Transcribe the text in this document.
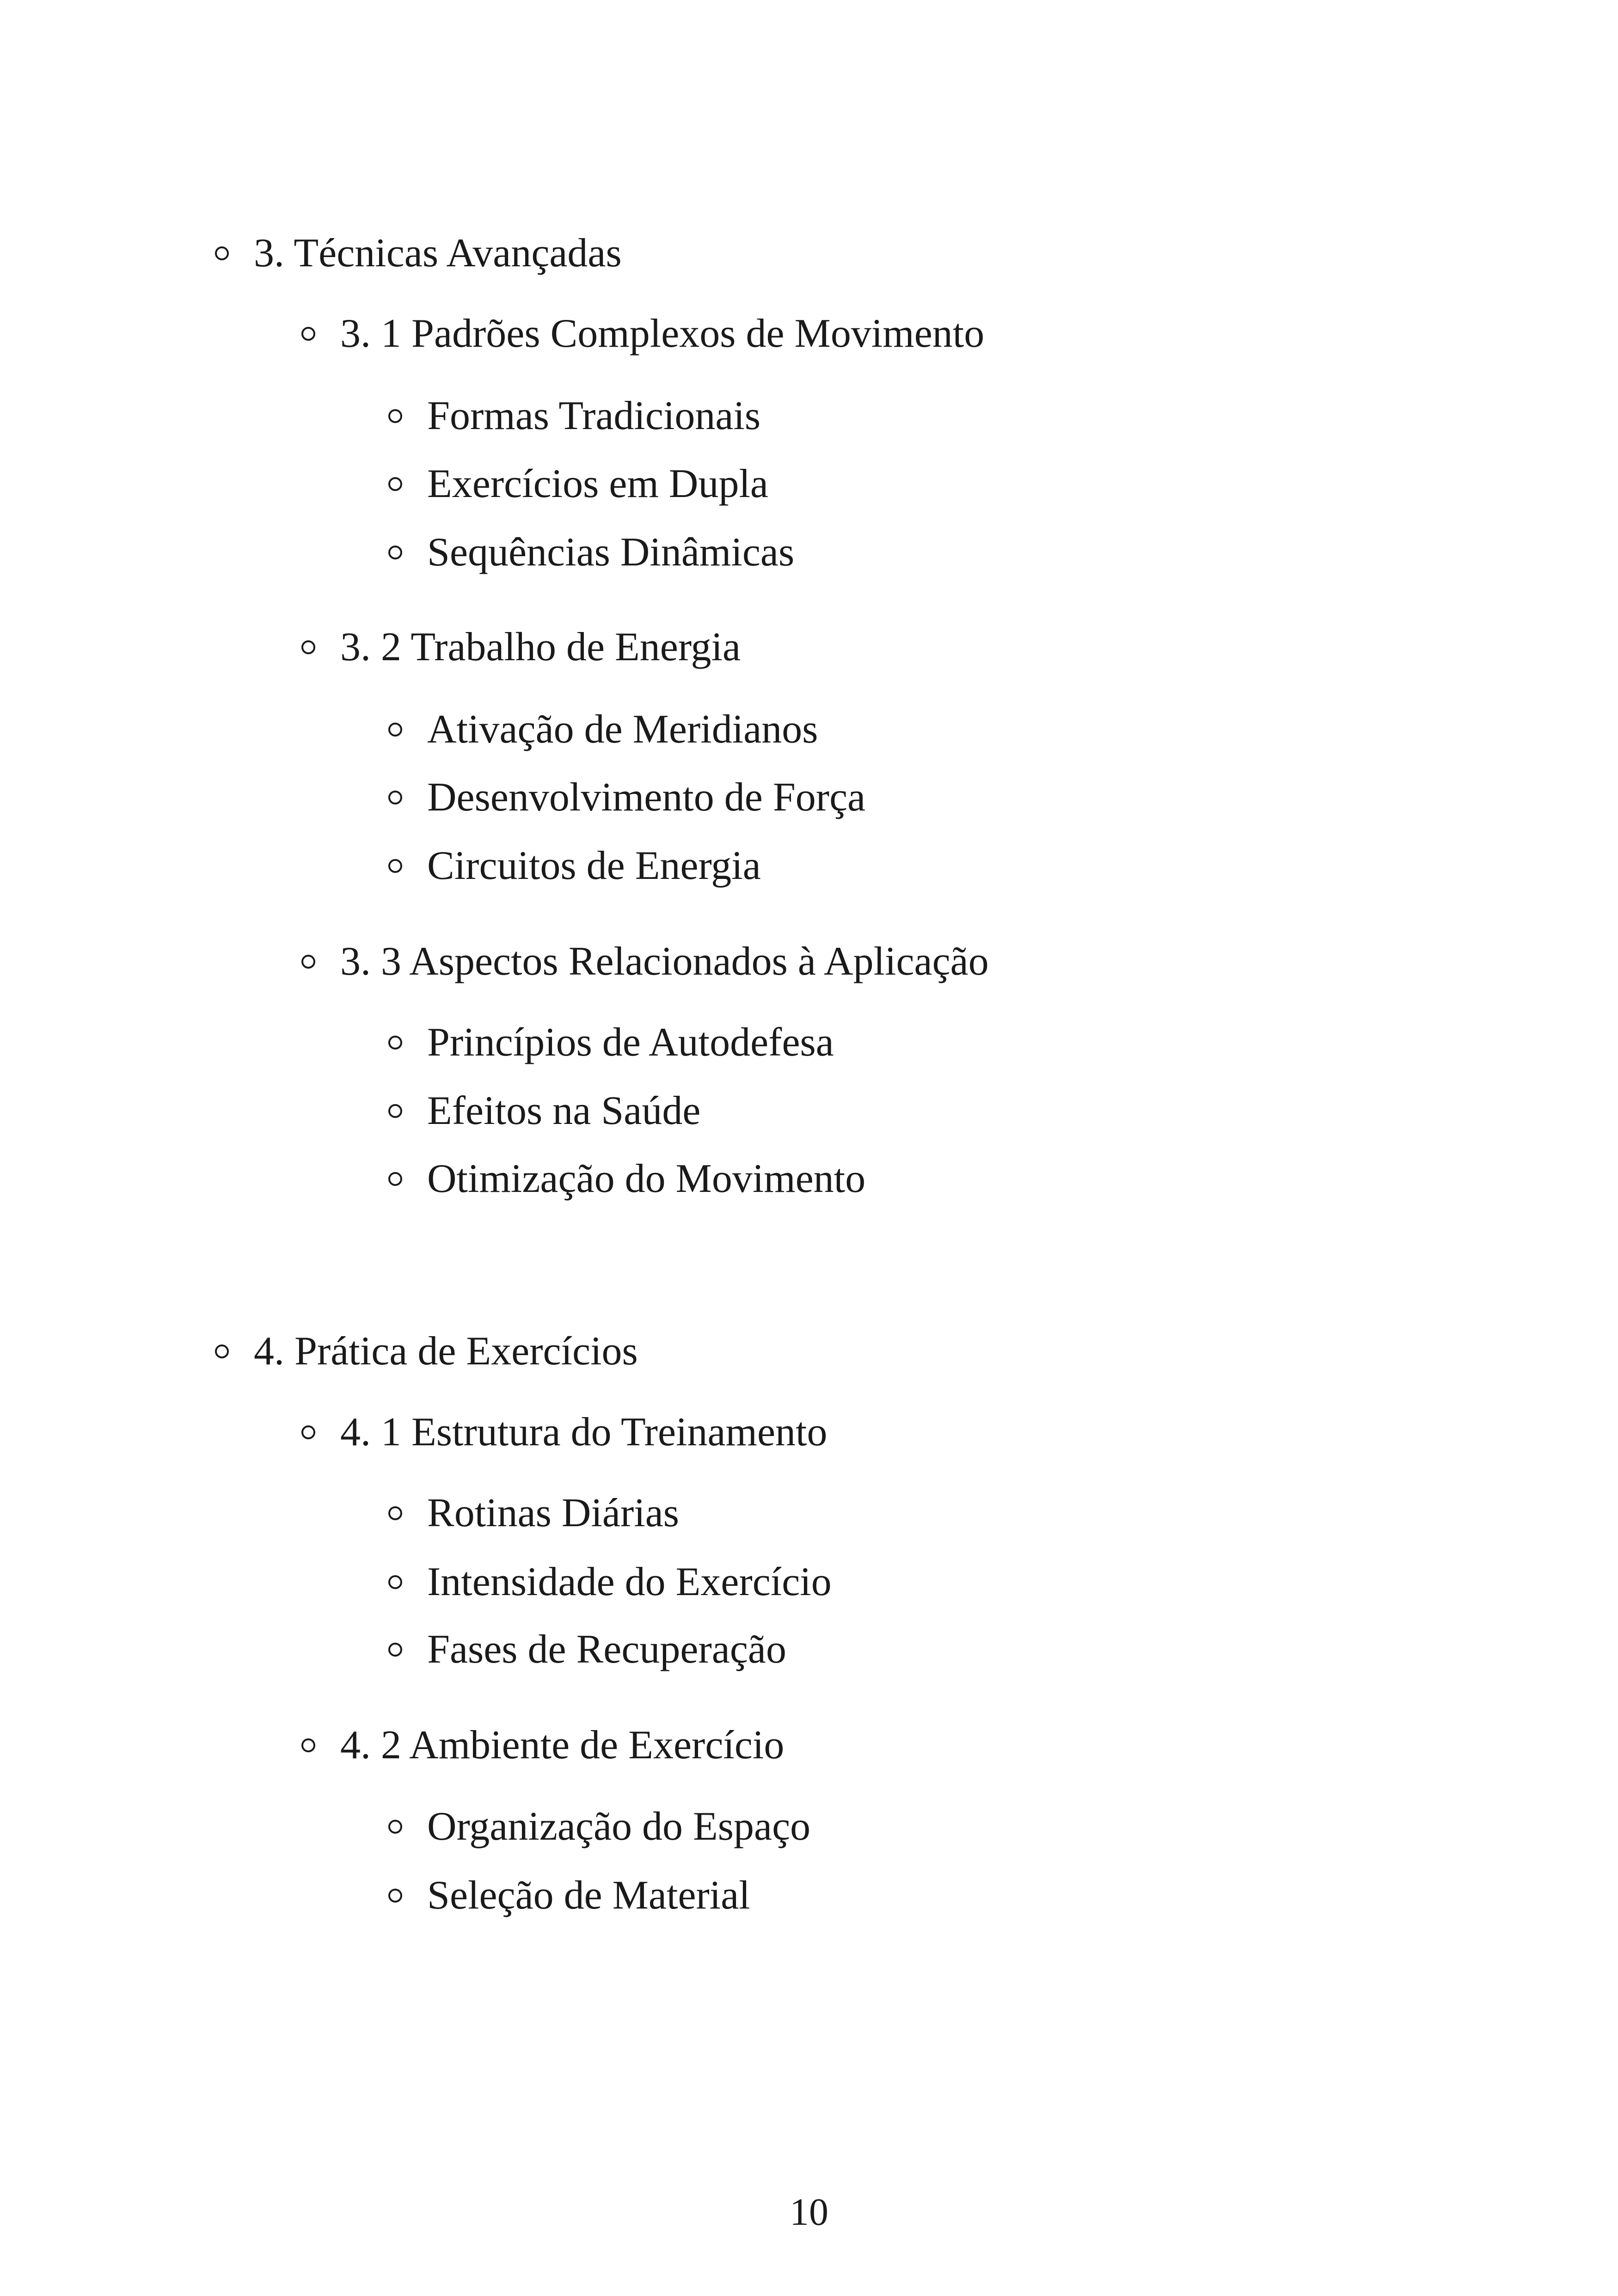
3. Técnicas Avançadas
3. 1 Padrões Complexos de Movimento
Formas Tradicionais
Exercícios em Dupla
Sequências Dinâmicas
3. 2 Trabalho de Energia
Ativação de Meridianos
Desenvolvimento de Força
Circuitos de Energia
3. 3 Aspectos Relacionados à Aplicação
Princípios de Autodefesa
Efeitos na Saúde
Otimização do Movimento
4. Prática de Exercícios
4. 1 Estrutura do Treinamento
Rotinas Diárias
Intensidade do Exercício
Fases de Recuperação
4. 2 Ambiente de Exercício
Organização do Espaço
Seleção de Material
10
